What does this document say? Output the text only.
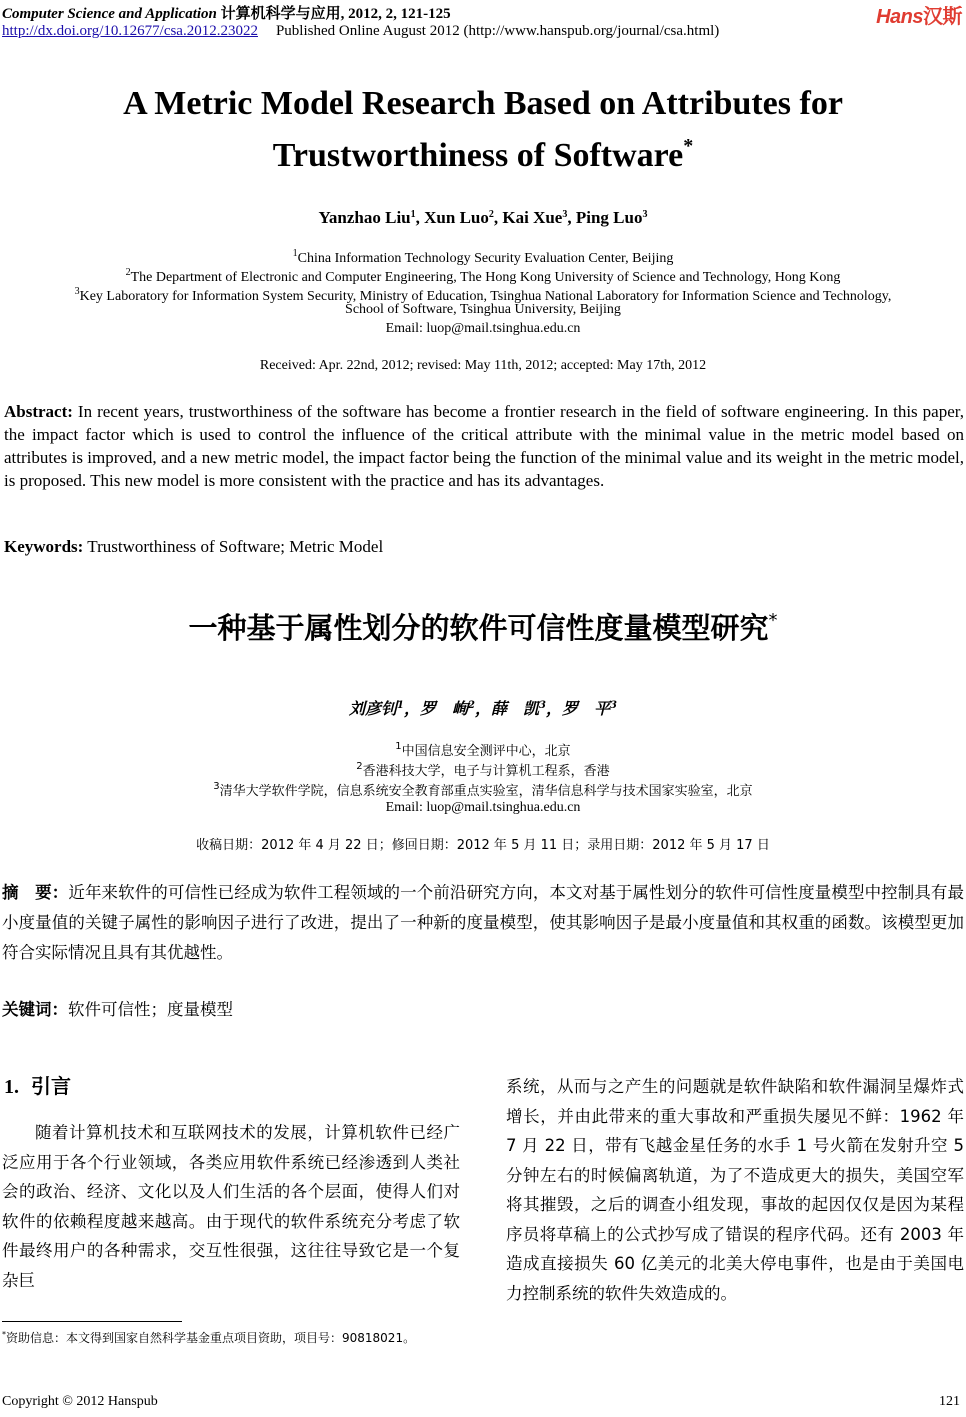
Computer Science and Application 计算机科学与应用, 2012, 2, 121-125	Hans汉斯
http://dx.doi.org/10.12677/csa.2012.23022 Published Online August 2012 (http://www.hanspub.org/journal/csa.html)
A Metric Model Research Based on Attributes for
Trustworthiness of Software*
Yanzhao Liu$^1$, Xun Luo$^2$, Kai Xue$^3$, Ping Luo$^3$
$^1$China Information Technology Security Evaluation Center, Beijing
$^2$The Department of Electronic and Computer Engineering, The Hong Kong University of Science and Technology, Hong Kong
$^3$Key Laboratory for Information System Security, Ministry of Education, Tsinghua National Laboratory for Information Science and Technology,
School of Software, Tsinghua University, Beijing
Email: luop@mail.tsinghua.edu.cn
Received: Apr. 22nd, 2012; revised: May 11th, 2012; accepted: May 17th, 2012
Abstract: In recent years, trustworthiness of the software has become a frontier research in the field of software engineering. In this paper, the impact factor which is used to control the influence of the critical attribute with the minimal value in the metric model based on attributes is improved, and a new metric model, the impact factor being the function of the minimal value and its weight in the metric model, is proposed. This new model is more consistent with the practice and has its advantages.
Keywords: Trustworthiness of Software; Metric Model
一种基于属性划分的软件可信性度量模型研究*
刘彦钊$^1$，罗　峋$^2$，薛　凯$^3$，罗　平$^3$
$^1$中国信息安全测评中心，北京
$^2$香港科技大学，电子与计算机工程系，香港
$^3$清华大学软件学院，信息系统安全教育部重点实验室，清华信息科学与技术国家实验室，北京
Email: luop@mail.tsinghua.edu.cn
收稿日期：2012 年 4 月 22 日；修回日期：2012 年 5 月 11 日；录用日期：2012 年 5 月 17 日
摘　要：近年来软件的可信性已经成为软件工程领域的一个前沿研究方向，本文对基于属性划分的软件可信性度量模型中控制具有最小度量值的关键子属性的影响因子进行了改进，提出了一种新的度量模型，使其影响因子是最小度量值和其权重的函数。该模型更加符合实际情况且具有其优越性。
关键词：软件可信性；度量模型
1. 引言
随着计算机技术和互联网技术的发展，计算机软件已经广泛应用于各个行业领域，各类应用软件系统已经渗透到人类社会的政治、经济、文化以及人们生活的各个层面，使得人们对软件的依赖程度越来越高。由于现代的软件系统充分考虑了软件最终用户的各种需求，交互性很强，这往往导致它是一个复杂巨
系统，从而与之产生的问题就是软件缺陷和软件漏洞呈爆炸式增长，并由此带来的重大事故和严重损失屡见不鲜：1962 年 7 月 22 日，带有飞越金星任务的水手 1 号火箭在发射升空 5 分钟左右的时候偏离轨道，为了不造成更大的损失，美国空军将其摧毁，之后的调查小组发现，事故的起因仅仅是因为某程序员将草稿上的公式抄写成了错误的程序代码。还有 2003 年造成直接损失 60 亿美元的北美大停电事件，也是由于美国电力控制系统的软件失效造成的。
*资助信息：本文得到国家自然科学基金重点项目资助，项目号：90818021。
Copyright © 2012 Hanspub	121
